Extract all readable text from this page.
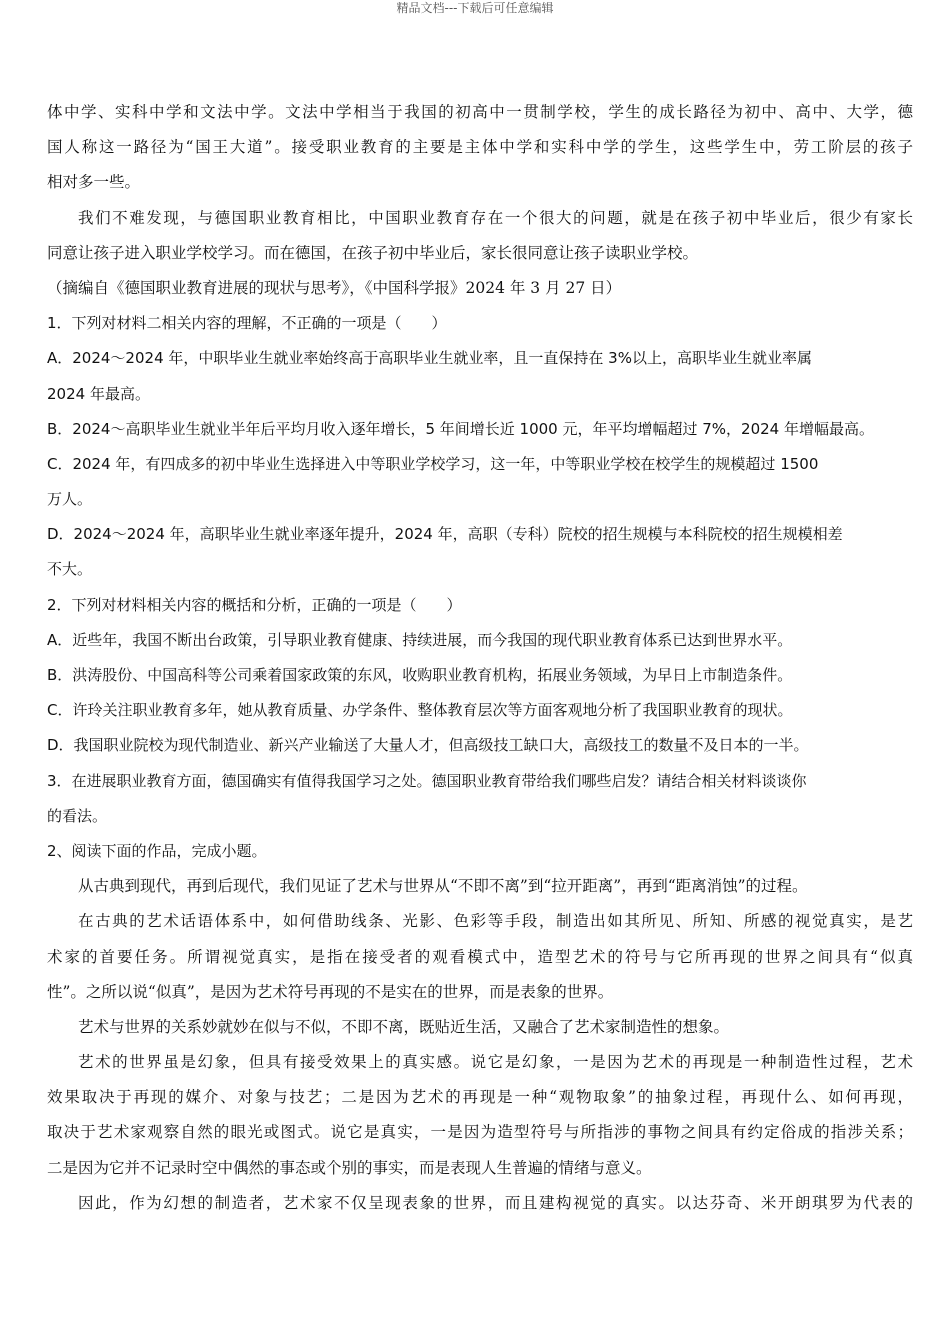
精品文档---下载后可任意编辑
体中学、实科中学和文法中学。文法中学相当于我国的初高中一贯制学校，学生的成长路径为初中、高中、大学，德
国人称这一路径为“国王大道”。接受职业教育的主要是主体中学和实科中学的学生，这些学生中，劳工阶层的孩子
相对多一些。
我们不难发现，与德国职业教育相比，中国职业教育存在一个很大的问题，就是在孩子初中毕业后，很少有家长
同意让孩子进入职业学校学习。而在德国，在孩子初中毕业后，家长很同意让孩子读职业学校。
（摘编自《德国职业教育进展的现状与思考》，《中国科学报》2024 年 3 月 27 日）
1．下列对材料二相关内容的理解，不正确的一项是（　　）
A．2024～2024 年，中职毕业生就业率始终高于高职毕业生就业率，且一直保持在 3%以上，高职毕业生就业率属
2024 年最高。
B．2024～高职毕业生就业半年后平均月收入逐年增长，5 年间增长近 1000 元，年平均增幅超过 7%，2024 年增幅最高。
C．2024 年，有四成多的初中毕业生选择进入中等职业学校学习，这一年，中等职业学校在校学生的规模超过 1500
万人。
D．2024～2024 年，高职毕业生就业率逐年提升，2024 年，高职（专科）院校的招生规模与本科院校的招生规模相差
不大。
2．下列对材料相关内容的概括和分析，正确的一项是（　　）
A．近些年，我国不断出台政策，引导职业教育健康、持续进展，而今我国的现代职业教育体系已达到世界水平。
B．洪涛股份、中国高科等公司乘着国家政策的东风，收购职业教育机构，拓展业务领域，为早日上市制造条件。
C．许玲关注职业教育多年，她从教育质量、办学条件、整体教育层次等方面客观地分析了我国职业教育的现状。
D．我国职业院校为现代制造业、新兴产业输送了大量人才，但高级技工缺口大，高级技工的数量不及日本的一半。
3．在进展职业教育方面，德国确实有值得我国学习之处。德国职业教育带给我们哪些启发？请结合相关材料谈谈你
的看法。
2、阅读下面的作品，完成小题。
从古典到现代，再到后现代，我们见证了艺术与世界从“不即不离”到“拉开距离”，再到“距离消蚀”的过程。
在古典的艺术话语体系中，如何借助线条、光影、色彩等手段，制造出如其所见、所知、所感的视觉真实，是艺
术家的首要任务。所谓视觉真实，是指在接受者的观看模式中，造型艺术的符号与它所再现的世界之间具有“似真
性”。之所以说“似真”，是因为艺术符号再现的不是实在的世界，而是表象的世界。
艺术与世界的关系妙就妙在似与不似，不即不离，既贴近生活，又融合了艺术家制造性的想象。
艺术的世界虽是幻象，但具有接受效果上的真实感。说它是幻象，一是因为艺术的再现是一种制造性过程，艺术
效果取决于再现的媒介、对象与技艺；二是因为艺术的再现是一种“观物取象”的抽象过程，再现什么、如何再现，
取决于艺术家观察自然的眼光或图式。说它是真实，一是因为造型符号与所指涉的事物之间具有约定俗成的指涉关系；
二是因为它并不记录时空中偶然的事态或个别的事实，而是表现人生普遍的情绪与意义。
因此，作为幻想的制造者，艺术家不仅呈现表象的世界，而且建构视觉的真实。以达芬奇、米开朗琪罗为代表的
